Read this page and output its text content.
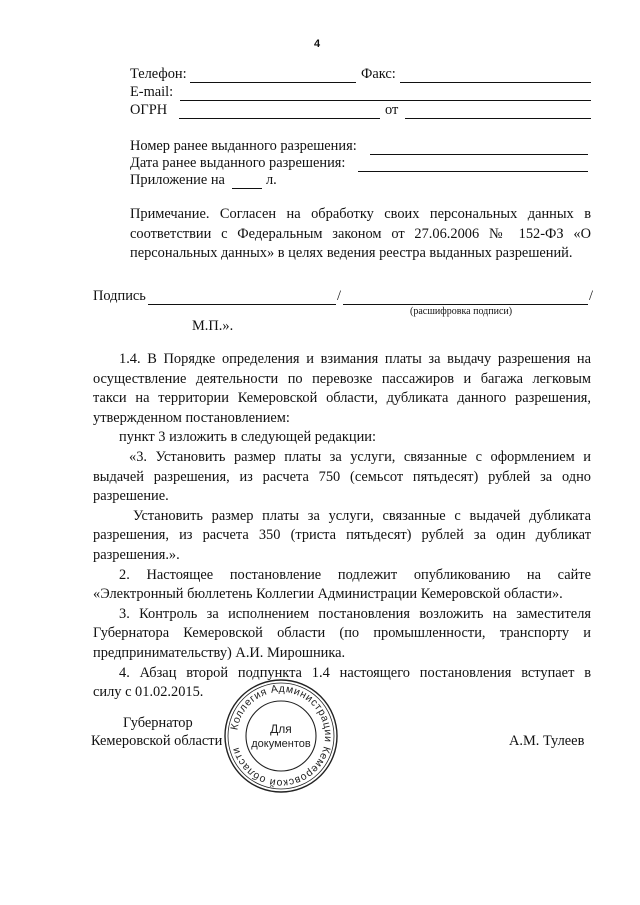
4
Телефон:	Факс:
E-mail:
ОГРН	от
Номер ранее выданного разрешения:
Дата ранее выданного разрешения:
Приложение на	л.
Примечание. Согласен на обработку своих персональных данных в
соответствии с Федеральным законом от 27.06.2006 № 152-ФЗ «О
персональных данных» в целях ведения реестра выданных разрешений.
Подпись	/	/
(расшифровка подписи)
М.П.».
1.4. В Порядке определения и взимания платы за выдачу разрешения на
осуществление деятельности по перевозке пассажиров и багажа легковым
такси на территории Кемеровской области, дубликата данного разрешения,
утвержденном постановлением:
пункт 3 изложить в следующей редакции:
«3. Установить размер платы за услуги, связанные с оформлением и
выдачей разрешения, из расчета 750 (семьсот пятьдесят) рублей за одно
разрешение.
Установить размер платы за услуги, связанные с выдачей дубликата
разрешения, из расчета 350 (триста пятьдесят) рублей за один дубликат
разрешения.».
2. Настоящее постановление подлежит опубликованию на сайте
«Электронный бюллетень Коллегии Администрации Кемеровской области».
3. Контроль за исполнением постановления возложить на заместителя
Губернатора Кемеровской области (по промышленности, транспорту и
предпринимательству) А.И. Мирошника.
4. Абзац второй подпункта 1.4 настоящего постановления вступает в
силу с 01.02.2015.
Губернатор
Кемеровской области	А.М. Тулеев
Коллегия Администрации Кемеровской области
Для
документов
